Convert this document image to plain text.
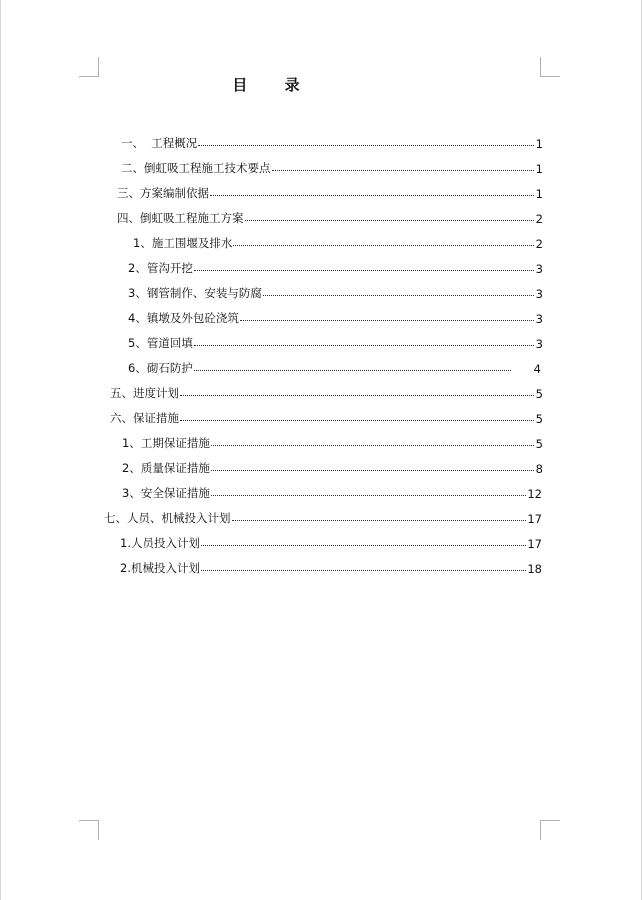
目 录
一、  工程概况	1
二、倒虹吸工程施工技术要点	1
三、方案编制依据	1
四、倒虹吸工程施工方案	2
1、施工围堰及排水	2
2、管沟开挖	3
3、钢管制作、安装与防腐	3
4、镇墩及外包砼浇筑	3
5、管道回填	3
6、砌石防护	4
五、进度计划	5
六、保证措施	5
1、工期保证措施	5
2、质量保证措施	8
3、安全保证措施	12
七、人员、机械投入计划	17
1.人员投入计划	17
2.机械投入计划	18
